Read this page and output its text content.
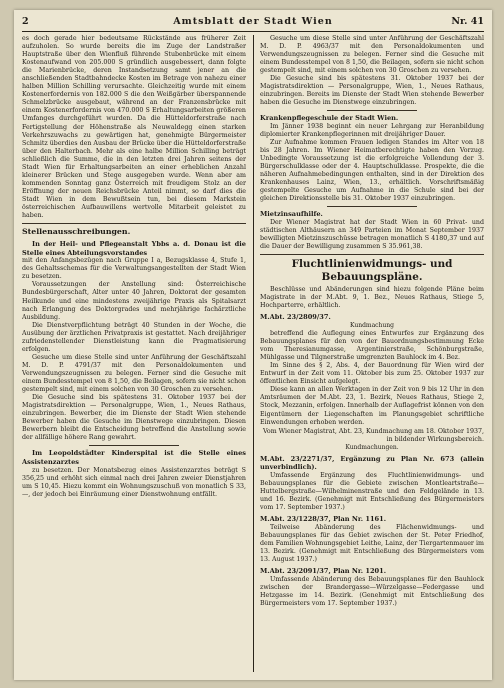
2	Amtsblatt der Stadt Wien	Nr. 41

es doch gerade hier bedeutsame Rückstände aus früherer Zeit aufzuholen. So wurde bereits die im Zuge der Landstraßer Hauptstraße über den Wienfluß führende Stubenbrücke mit einem Kostenaufwand von 205.000 S gründlich ausgebessert, dann folgte die Marienbrücke, deren Instandsetzung samt jener an die anschließenden Stadtbahndecke Kosten im Betrage von nahezu einer halben Million Schilling verursachte. Gleichzeitig wurde mit einem Kostenerfordernis von 182.000 S die den Weißgärber überspannende Schmelzbrücke ausgebaut, während an der Franzensbrücke mit einem Kostenerfordernis von 470.000 S Erhaltungsarbeiten größeren Umfanges durchgeführt wurden. Da die Hütteldorferstraße nach Fertigstellung der Höhenstraße als Neuwaldegg einen starken Verkehrszuwachs zu gewärtigen hat, genehmigte Bürgermeister Schmitz überdies den Ausbau der Brücke über die Hütteldorferstraße über den Halterbach. Mehr als eine halbe Million Schilling beträgt schließlich die Summe, die in den letzten drei Jahren seitens der Stadt Wien für Erhaltungsarbeiten an einer erheblichen Anzahl kleinerer Brücken und Stege ausgegeben wurde. Wenn aber am kommenden Sonntag ganz Österreich mit freudigem Stolz an der Eröffnung der neuen Reichsbrücke Anteil nimmt, so darf dies die Stadt Wien in dem Bewußtsein tun, bei diesem Markstein österreichischen Aufbauwillens wertvolle Mitarbeit geleistet zu haben.

Stellenausschreibungen.

In der Heil- und Pflegeanstalt Ybbs a. d. Donau ist die Stelle eines Abteilungsvorstandes

mit den Anfangsbezügen nach Gruppe I a, Bezugsklasse 4, Stufe 1, des Gehaltsschemas für die Verwaltungsangestellten der Stadt Wien zu besetzen.

Voraussetzungen der Anstellung sind: Österreichische Bundesbürgerschaft, Alter unter 40 Jahren, Doktorat der gesamten Heilkunde und eine mindestens zweijährige Praxis als Spitalsarzt nach Erlangung des Doktorgrades und mehrjährige fachärztliche Ausbildung.

Die Dienstverpflichtung beträgt 40 Stunden in der Woche, die Ausübung der ärztlichen Privatpraxis ist gestattet. Nach dreijähriger zufriedenstellender Dienstleistung kann die Pragmatisierung erfolgen.

Gesuche um diese Stelle sind unter Anführung der Geschäftszahl M. D. P. 4791/37 mit den Personaldokumenten und Verwendungszeugnissen zu belegen. Ferner sind die Gesuche mit einem Bundesstempel von 8 1,50, die Beilagen, sofern sie nicht schon gestempelt sind, mit einem solchen von 30 Groschen zu versehen.

Die Gesuche sind bis spätestens 31. Oktober 1937 bei der Magistratsdirektion — Personalgruppe, Wien, 1., Neues Rathaus, einzubringen. Bewerber, die im Dienste der Stadt Wien stehende Bewerber haben die Gesuche im Dienstwege einzubringen. Diesen Bewerbern bleibt die Entscheidung betreffend die Anstellung sowie der allfällige höhere Rang gewahrt.

Im Leopoldstädter Kinderspital ist die Stelle eines Assistenzarztes

zu besetzen. Der Monatsbezug eines Assistenzarztes beträgt S 356,25 und erhöht sich einmal nach drei Jahren zweier Dienstjahren um S 10,45. Hiezu kommt ein Wohnungszuschuß von monatlich S 33,—, der jedoch bei Einräumung einer Dienstwohnung entfällt.

Gesuche um diese Stelle sind unter Anführung der Geschäftszahl M. D. P. 4963/37 mit den Personaldokumenten und Verwendungszeugnissen zu belegen. Ferner sind die Gesuche mit einem Bundesstempel von 8 1,50, die Beilagen, sofern sie nicht schon gestempelt sind, mit einem solchen von 30 Groschen zu versehen.

Die Gesuche sind bis spätestens 31. Oktober 1937 bei der Magistratsdirektion — Personalgruppe, Wien, 1., Neues Rathaus, einzubringen. Bereits im Dienste der Stadt Wien stehende Bewerber haben die Gesuche im Dienstwege einzubringen.

Krankenpflegeschule der Stadt Wien.

Im Jänner 1938 beginnt ein neuer Lehrgang zur Heranbildung diplomierter Krankenpflegerinnen mit dreijähriger Dauer.

Zur Aufnahme kommen Frauen ledigen Standes im Alter von 18 bis 28 Jahren. Im Wiener Heimatberechtigte haben den Vorzug. Unbedingte Voraussetzung ist die erfolgreiche Vollendung der 3. Bürgerschulklasse oder der 4. Hauptschulklasse. Prospekte, die die näheren Aufnahmebedingungen enthalten, sind in der Direktion des Krankenhauses Lainz, Wien, 13., erhältlich. Vorschriftsmäßig gestempelte Gesuche um Aufnahme in die Schule sind bei der gleichen Direktionsstelle bis 31. Oktober 1937 einzubringen.

Mietzinsaufhilfe.

Der Wiener Magistrat hat der Stadt Wien in 60 Privat- und städtischen Althäusern an 349 Parteien im Monat September 1937 bewilligten Mietzinszuschüsse betragen monatlich S 4180,37 und auf die Dauer der Bewilligung zusammen S 35.961,38.

Fluchtlinienwidmungs- und Bebauungspläne.

Beschlüsse und Abänderungen sind hiezu folgende Pläne beim Magistrate in der M.Abt. 9, 1. Bez., Neues Rathaus, Stiege 5, Hochparterre, erhältlich.

M.Abt. 23/2809/37.

Kundmachung

betreffend die Auflegung eines Entwurfes zur Ergänzung des Bebauungsplanes für den von der Bauordnungsbestimmung Ecke vom Theresianumgasse, Argentinierstraße, Schönburgstraße, Mühlgasse und Tilgnerstraße umgrenzten Bauhlock im 4. Bez.

Im Sinne des § 2, Abs. 4, der Bauordnung für Wien wird der Entwurf in der Zeit vom 11. Oktober bis zum 25. Oktober 1937 zur öffentlichen Einsicht aufgelegt.

Diese kann an allen Werktagen in der Zeit von 9 bis 12 Uhr in den Amtsräumen der M.Abt. 23, 1. Bezirk, Neues Rathaus, Stiege 2, Stock, Mezzanin, erfolgen. Innerhalb der Auflagefrist können von den Eigentümern der Liegenschaften im Planungsgebiet schriftliche Einwendungen erhoben werden.

Vom Wiener Magistrat, Abt. 23, Kundmachung am 18. Oktober 1937, in bildender Wirkungsbereich.

Kundmachungen.

M.Abt. 23/2271/37, Ergänzung zu Plan Nr. 673 (allein unverbindlich).

Umfassende Ergänzung des Fluchtlinienwidmungs- und Bebauungsplanes für die Gebiete zwischen Montleartstraße—Huttelbergstraße—Wilhelminenstraße und den Feldgelände in 13. und 16. Bezirk. (Genehmigt mit Entschließung des Bürgermeisters vom 17. September 1937.)

M.Abt. 23/1228/37, Plan Nr. 1161.

Teilweise Abänderung des Flächenwidmungs- und Bebauungsplanes für das Gebiet zwischen der St. Peter Friedhof, dem Familien Wohnungsgebiet Leithe, Lainz, der Tiergartenmauer im 13. Bezirk. (Genehmigt mit Entschließung des Bürgermeisters vom 13. August 1937.)

M.Abt. 23/2091/37, Plan Nr. 1201.

Umfassende Abänderung des Bebauungsplanes für den Bauhlock zwischen der Brandergasse—Würzelgasse—Federgasse und Hetzgasse im 14. Bezirk. (Genehmigt mit Entschließung des Bürgermeisters vom 17. September 1937.)
